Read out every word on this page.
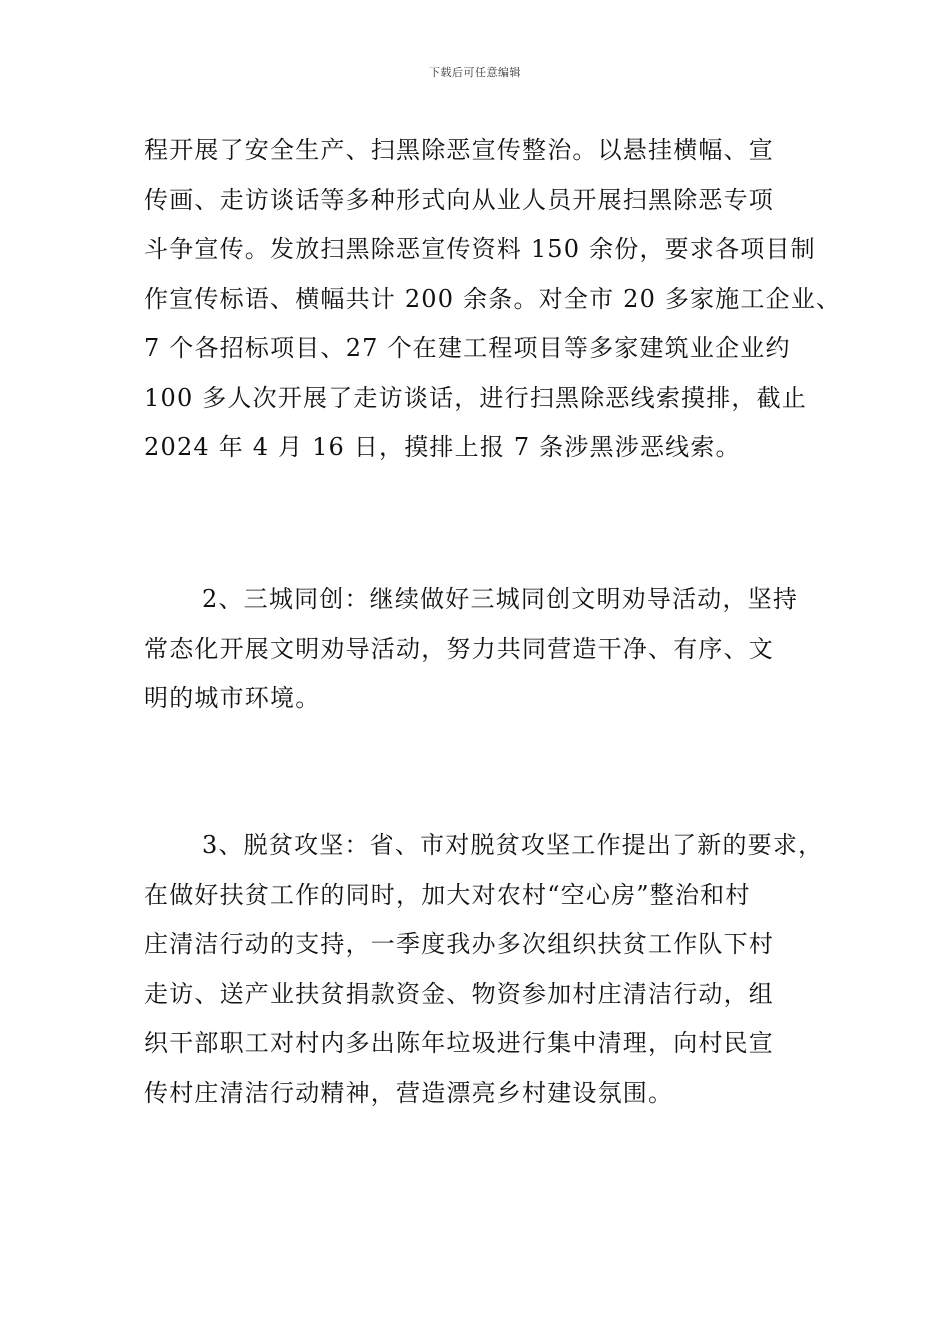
下载后可任意编辑

程开展了安全生产、扫黑除恶宣传整治。以悬挂横幅、宣
传画、走访谈话等多种形式向从业人员开展扫黑除恶专项
斗争宣传。发放扫黑除恶宣传资料 150 余份，要求各项目制
作宣传标语、横幅共计 200 余条。对全市 20 多家施工企业、
7 个各招标项目、27 个在建工程项目等多家建筑业企业约
100 多人次开展了走访谈话，进行扫黑除恶线索摸排，截止
2024 年 4 月 16 日，摸排上报 7 条涉黑涉恶线索。

2、三城同创：继续做好三城同创文明劝导活动，坚持
常态化开展文明劝导活动，努力共同营造干净、有序、文
明的城市环境。

3、脱贫攻坚：省、市对脱贫攻坚工作提出了新的要求，
在做好扶贫工作的同时，加大对农村“空心房”整治和村
庄清洁行动的支持，一季度我办多次组织扶贫工作队下村
走访、送产业扶贫捐款资金、物资参加村庄清洁行动，组
织干部职工对村内多出陈年垃圾进行集中清理，向村民宣
传村庄清洁行动精神，营造漂亮乡村建设氛围。
